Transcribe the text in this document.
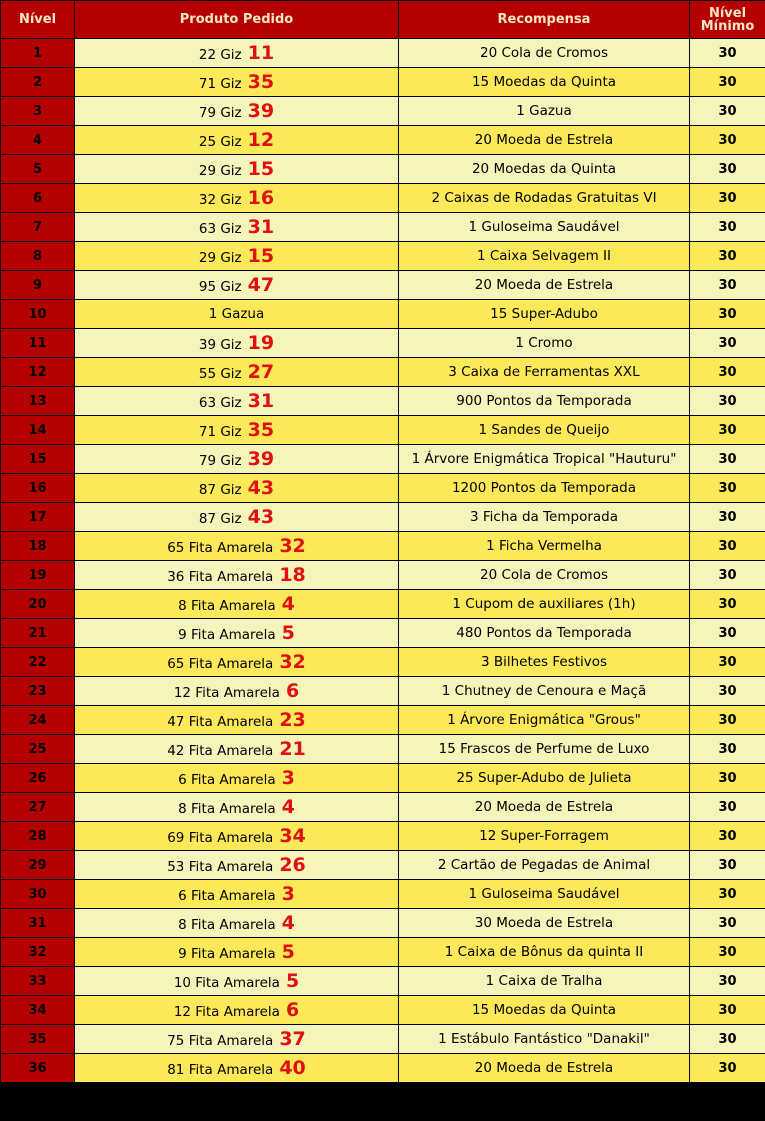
Nível	Produto Pedido	Recompensa	Nível
Mínimo
1	22 Giz 11	20 Cola de Cromos	30
2	71 Giz 35	15 Moedas da Quinta	30
3	79 Giz 39	1 Gazua	30
4	25 Giz 12	20 Moeda de Estrela	30
5	29 Giz 15	20 Moedas da Quinta	30
6	32 Giz 16	2 Caixas de Rodadas Gratuitas VI	30
7	63 Giz 31	1 Guloseima Saudável	30
8	29 Giz 15	1 Caixa Selvagem II	30
9	95 Giz 47	20 Moeda de Estrela	30
10	1 Gazua	15 Super-Adubo	30
11	39 Giz 19	1 Cromo	30
12	55 Giz 27	3 Caixa de Ferramentas XXL	30
13	63 Giz 31	900 Pontos da Temporada	30
14	71 Giz 35	1 Sandes de Queijo	30
15	79 Giz 39	1 Árvore Enigmática Tropical "Hauturu"	30
16	87 Giz 43	1200 Pontos da Temporada	30
17	87 Giz 43	3 Ficha da Temporada	30
18	65 Fita Amarela 32	1 Ficha Vermelha	30
19	36 Fita Amarela 18	20 Cola de Cromos	30
20	8 Fita Amarela 4	1 Cupom de auxiliares (1h)	30
21	9 Fita Amarela 5	480 Pontos da Temporada	30
22	65 Fita Amarela 32	3 Bilhetes Festivos	30
23	12 Fita Amarela 6	1 Chutney de Cenoura e Maçã	30
24	47 Fita Amarela 23	1 Árvore Enigmática "Grous"	30
25	42 Fita Amarela 21	15 Frascos de Perfume de Luxo	30
26	6 Fita Amarela 3	25 Super-Adubo de Julieta	30
27	8 Fita Amarela 4	20 Moeda de Estrela	30
28	69 Fita Amarela 34	12 Super-Forragem	30
29	53 Fita Amarela 26	2 Cartão de Pegadas de Animal	30
30	6 Fita Amarela 3	1 Guloseima Saudável	30
31	8 Fita Amarela 4	30 Moeda de Estrela	30
32	9 Fita Amarela 5	1 Caixa de Bônus da quinta II	30
33	10 Fita Amarela 5	1 Caixa de Tralha	30
34	12 Fita Amarela 6	15 Moedas da Quinta	30
35	75 Fita Amarela 37	1 Estábulo Fantástico "Danakil"	30
36	81 Fita Amarela 40	20 Moeda de Estrela	30
